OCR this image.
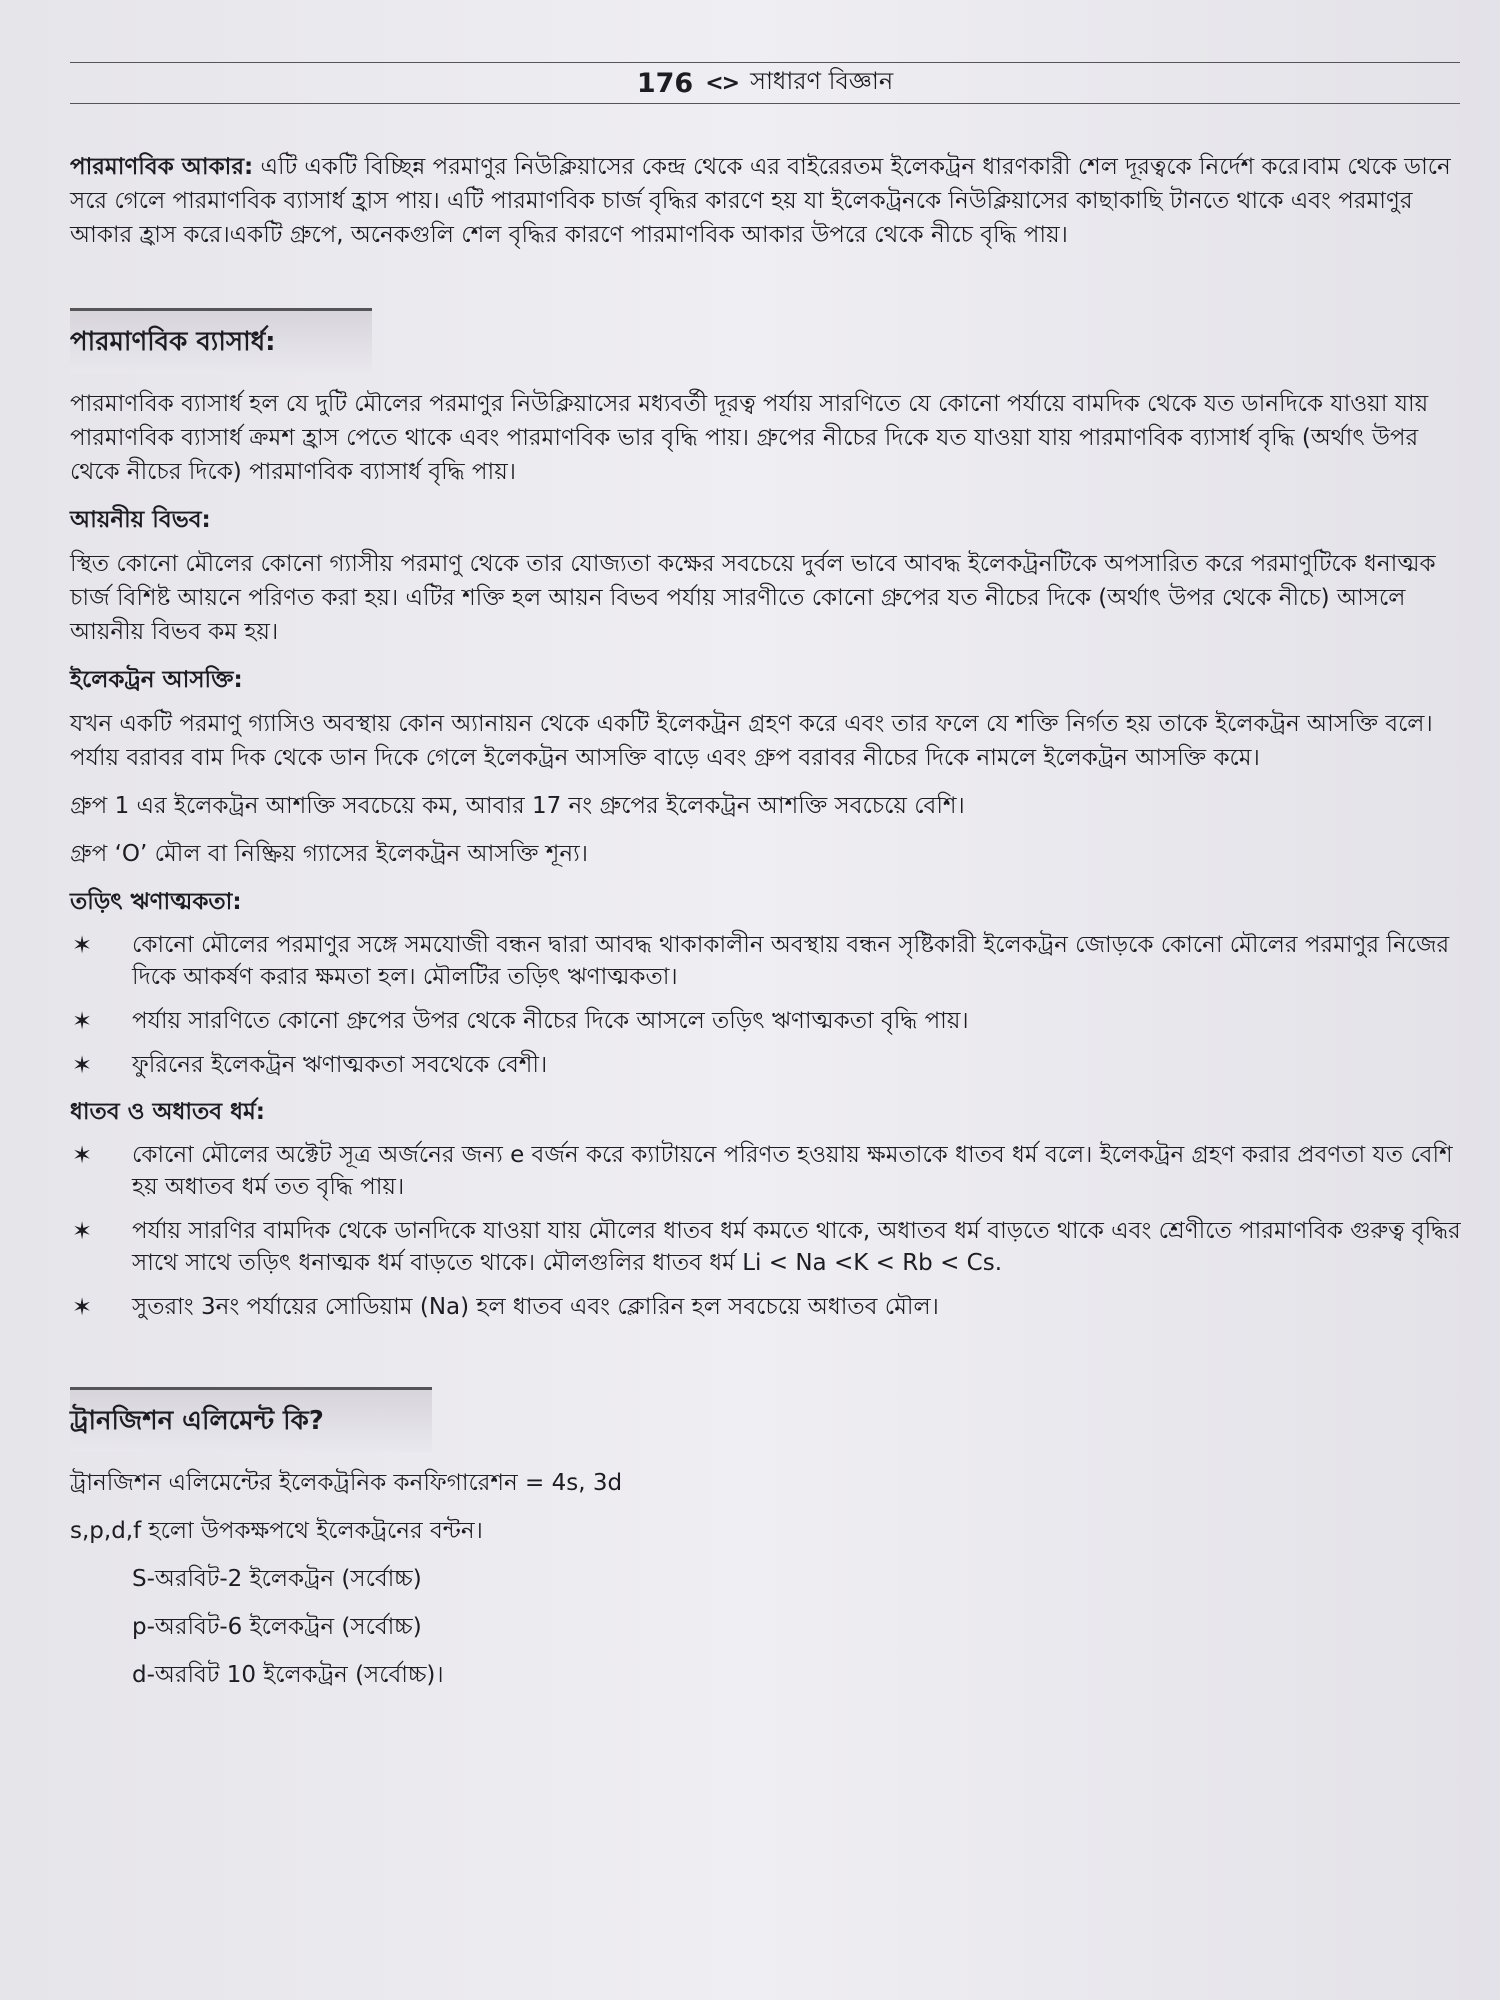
176 <> সাধারণ বিজ্ঞান

পারমাণবিক আকার: এটি একটি বিচ্ছিন্ন পরমাণুর নিউক্লিয়াসের কেন্দ্র থেকে এর বাইরেরতম ইলেকট্রন ধারণকারী শেল দূরত্বকে নির্দেশ করে।বাম থেকে ডানে সরে গেলে পারমাণবিক ব্যাসার্ধ হ্রাস পায়। এটি পারমাণবিক চার্জ বৃদ্ধির কারণে হয় যা ইলেকট্রনকে নিউক্লিয়াসের কাছাকাছি টানতে থাকে এবং পরমাণুর আকার হ্রাস করে।একটি গ্রুপে, অনেকগুলি শেল বৃদ্ধির কারণে পারমাণবিক আকার উপরে থেকে নীচে বৃদ্ধি পায়।

পারমাণবিক ব্যাসার্ধ:

পারমাণবিক ব্যাসার্ধ হল যে দুটি মৌলের পরমাণুর নিউক্লিয়াসের মধ্যবর্তী দূরত্ব পর্যায় সারণিতে যে কোনো পর্যায়ে বামদিক থেকে যত ডানদিকে যাওয়া যায় পারমাণবিক ব্যাসার্ধ ক্রমশ হ্রাস পেতে থাকে এবং পারমাণবিক ভার বৃদ্ধি পায়। গ্রুপের নীচের দিকে যত যাওয়া যায় পারমাণবিক ব্যাসার্ধ বৃদ্ধি (অর্থাৎ উপর থেকে নীচের দিকে) পারমাণবিক ব্যাসার্ধ বৃদ্ধি পায়।

আয়নীয় বিভব:

স্থিত কোনো মৌলের কোনো গ্যাসীয় পরমাণু থেকে তার যোজ্যতা কক্ষের সবচেয়ে দুর্বল ভাবে আবদ্ধ ইলেকট্রনটিকে অপসারিত করে পরমাণুটিকে ধনাত্মক চার্জ বিশিষ্ট আয়নে পরিণত করা হয়। এটির শক্তি হল আয়ন বিভব পর্যায় সারণীতে কোনো গ্রুপের যত নীচের দিকে (অর্থাৎ উপর থেকে নীচে) আসলে আয়নীয় বিভব কম হয়।

ইলেকট্রন আসক্তি:

যখন একটি পরমাণু গ্যাসিও অবস্থায় কোন অ্যানায়ন থেকে একটি ইলেকট্রন গ্রহণ করে এবং তার ফলে যে শক্তি নির্গত হয় তাকে ইলেকট্রন আসক্তি বলে। পর্যায় বরাবর বাম দিক থেকে ডান দিকে গেলে ইলেকট্রন আসক্তি বাড়ে এবং গ্রুপ বরাবর নীচের দিকে নামলে ইলেকট্রন আসক্তি কমে।

গ্রুপ 1 এর ইলেকট্রন আশক্তি সবচেয়ে কম, আবার 17 নং গ্রুপের ইলেকট্রন আশক্তি সবচেয়ে বেশি।

গ্রুপ ‘O’ মৌল বা নিষ্ক্রিয় গ্যাসের ইলেকট্রন আসক্তি শূন্য।

তড়িৎ ঋণাত্মকতা:
✶ কোনো মৌলের পরমাণুর সঙ্গে সমযোজী বন্ধন দ্বারা আবদ্ধ থাকাকালীন অবস্থায় বন্ধন সৃষ্টিকারী ইলেকট্রন জোড়কে কোনো মৌলের পরমাণুর নিজের দিকে আকর্ষণ করার ক্ষমতা হল। মৌলটির তড়িৎ ঋণাত্মকতা।
✶ পর্যায় সারণিতে কোনো গ্রুপের উপর থেকে নীচের দিকে আসলে তড়িৎ ঋণাত্মকতা বৃদ্ধি পায়।
✶ ফুরিনের ইলেকট্রন ঋণাত্মকতা সবথেকে বেশী।
ধাতব ও অধাতব ধর্ম:
✶ কোনো মৌলের অক্টেট সূত্র অর্জনের জন্য e বর্জন করে ক্যাটায়নে পরিণত হওয়ায় ক্ষমতাকে ধাতব ধর্ম বলে। ইলেকট্রন গ্রহণ করার প্রবণতা যত বেশি হয় অধাতব ধর্ম তত বৃদ্ধি পায়।
✶ পর্যায় সারণির বামদিক থেকে ডানদিকে যাওয়া যায় মৌলের ধাতব ধর্ম কমতে থাকে, অধাতব ধর্ম বাড়তে থাকে এবং শ্রেণীতে পারমাণবিক গুরুত্ব বৃদ্ধির সাথে সাথে তড়িৎ ধনাত্মক ধর্ম বাড়তে থাকে। মৌলগুলির ধাতব ধর্ম Li < Na <K < Rb < Cs.
✶ সুতরাং 3নং পর্যায়ের সোডিয়াম (Na) হল ধাতব এবং ক্লোরিন হল সবচেয়ে অধাতব মৌল।
ট্রানজিশন এলিমেন্ট কি?

ট্রানজিশন এলিমেন্টের ইলেকট্রনিক কনফিগারেশন = 4s, 3d

s,p,d,f হলো উপকক্ষপথে ইলেকট্রনের বন্টন।

S-অরবিট-2 ইলেকট্রন (সর্বোচ্চ)

p-অরবিট-6 ইলেকট্রন (সর্বোচ্চ)

d-অরবিট 10 ইলেকট্রন (সর্বোচ্চ)।
